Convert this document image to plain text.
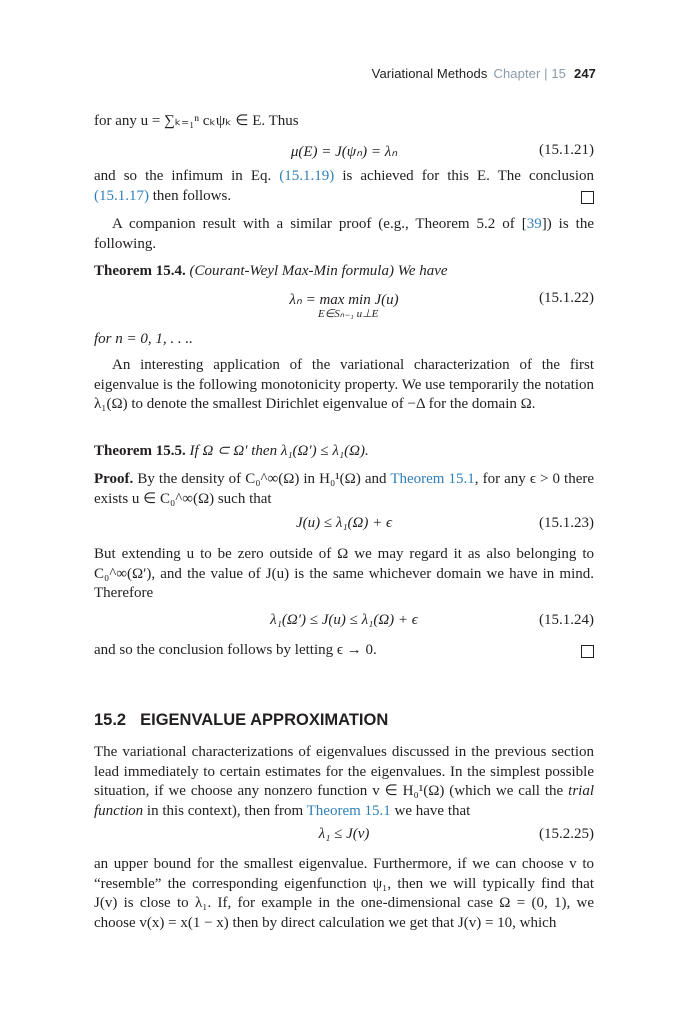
Variational Methods Chapter | 15 247
for any u = ∑ₖ₌₁ⁿ cₖψₖ ∈ E. Thus
μ(E) = J(ψₙ) = λₙ	(15.1.21)
and so the infimum in Eq. (15.1.19) is achieved for this E. The conclusion (15.1.17) then follows.
A companion result with a similar proof (e.g., Theorem 5.2 of [39]) is the following.
Theorem 15.4. (Courant-Weyl Max-Min formula) We have
λₙ = max min J(u)	(15.1.22)
E∈Sₙ₋₁ u⊥E
for n = 0, 1, . . ..
An interesting application of the variational characterization of the first eigenvalue is the following monotonicity property. We use temporarily the notation λ₁(Ω) to denote the smallest Dirichlet eigenvalue of −Δ for the domain Ω.
Theorem 15.5. If Ω ⊂ Ω′ then λ₁(Ω′) ≤ λ₁(Ω).
Proof. By the density of C₀^∞(Ω) in H₀¹(Ω) and Theorem 15.1, for any ϵ > 0 there exists u ∈ C₀^∞(Ω) such that
J(u) ≤ λ₁(Ω) + ϵ	(15.1.23)
But extending u to be zero outside of Ω we may regard it as also belonging to C₀^∞(Ω′), and the value of J(u) is the same whichever domain we have in mind. Therefore
λ₁(Ω′) ≤ J(u) ≤ λ₁(Ω) + ϵ	(15.1.24)
and so the conclusion follows by letting ϵ → 0.
15.2 EIGENVALUE APPROXIMATION
The variational characterizations of eigenvalues discussed in the previous section lead immediately to certain estimates for the eigenvalues. In the simplest possible situation, if we choose any nonzero function v ∈ H₀¹(Ω) (which we call the trial function in this context), then from Theorem 15.1 we have that
λ₁ ≤ J(v)	(15.2.25)
an upper bound for the smallest eigenvalue. Furthermore, if we can choose v to “resemble” the corresponding eigenfunction ψ₁, then we will typically find that J(v) is close to λ₁. If, for example in the one-dimensional case Ω = (0, 1), we choose v(x) = x(1 − x) then by direct calculation we get that J(v) = 10, which
